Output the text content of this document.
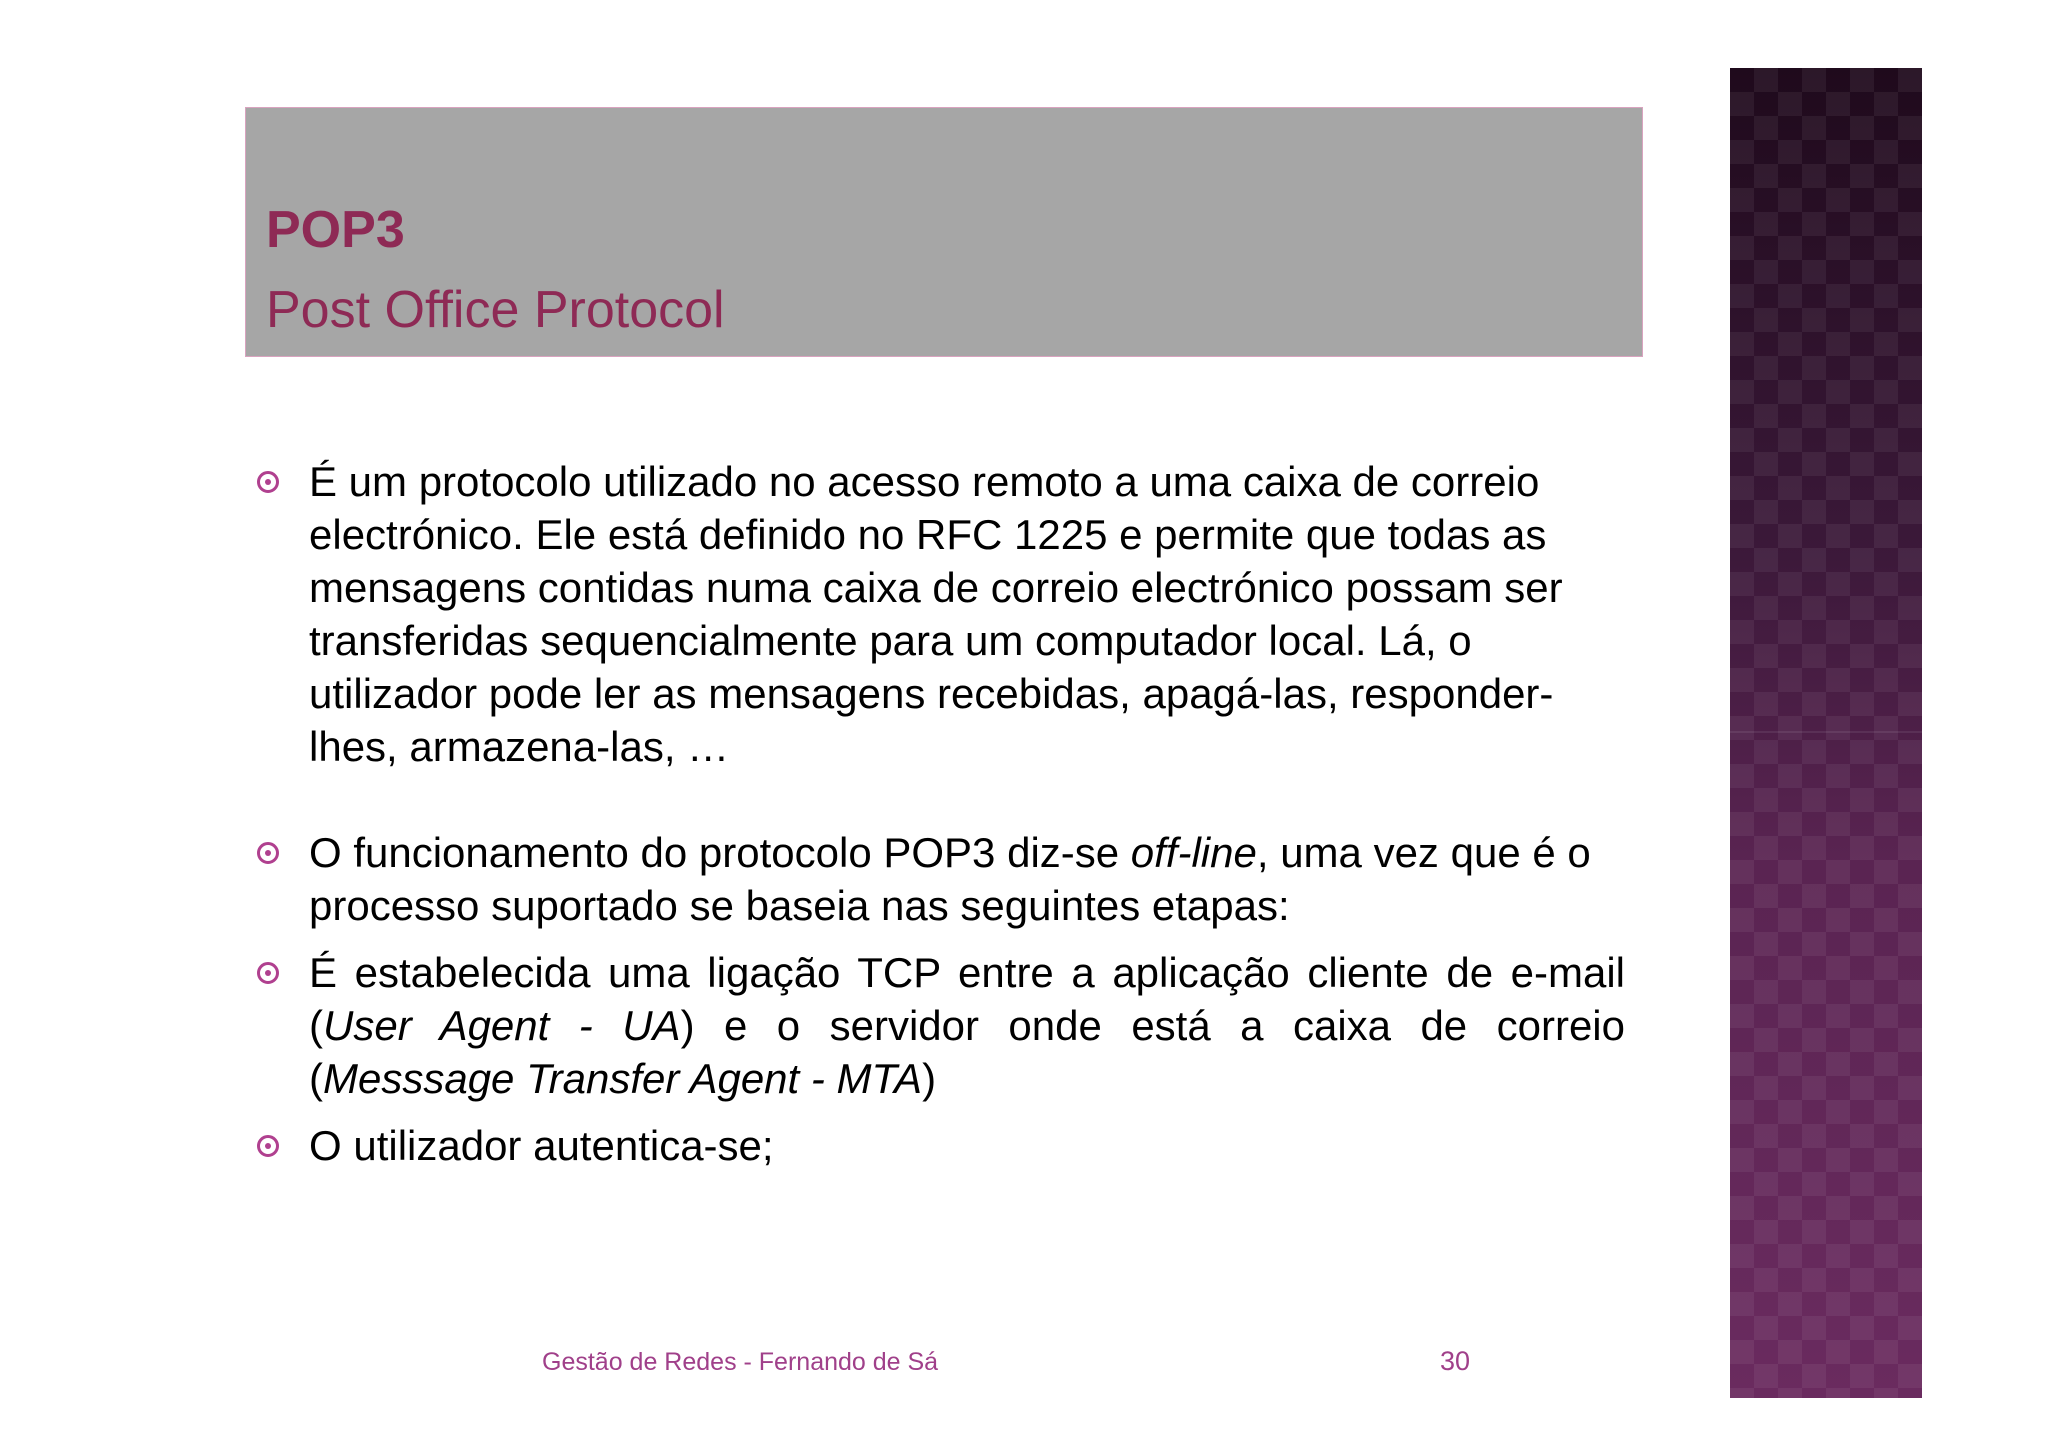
POP3
Post Office Protocol
É um protocolo utilizado no acesso remoto a uma caixa de correio electrónico. Ele está definido no RFC 1225 e permite que todas as mensagens contidas numa caixa de correio electrónico possam ser transferidas sequencialmente para um computador local. Lá, o utilizador pode ler as mensagens recebidas, apagá-las, responder-lhes, armazena-las, …
O funcionamento do protocolo POP3 diz-se off-line, uma vez que é o processo suportado se baseia nas seguintes etapas:
É estabelecida uma ligação TCP entre a aplicação cliente de e-mail (User Agent - UA) e o servidor onde está a caixa de correio (Messsage Transfer Agent - MTA)
O utilizador autentica-se;
Gestão de Redes - Fernando de Sá	30
